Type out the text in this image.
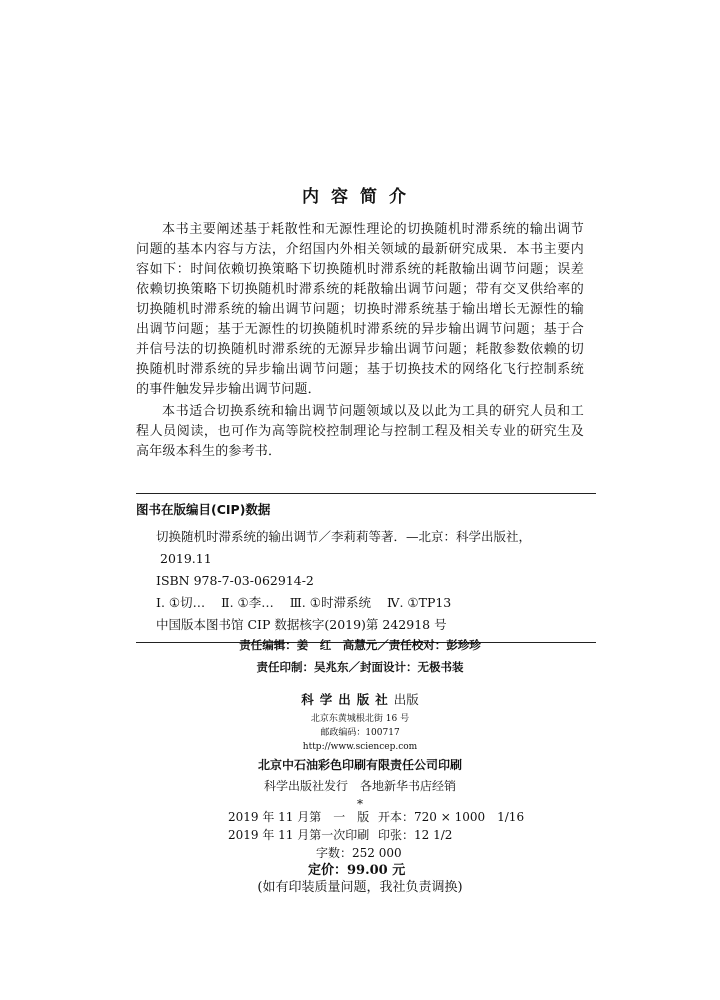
内容简介

本书主要阐述基于耗散性和无源性理论的切换随机时滞系统的输出调节问题的基本内容与方法，介绍国内外相关领域的最新研究成果．本书主要内容如下：时间依赖切换策略下切换随机时滞系统的耗散输出调节问题；误差依赖切换策略下切换随机时滞系统的耗散输出调节问题；带有交叉供给率的切换随机时滞系统的输出调节问题；切换时滞系统基于输出增长无源性的输出调节问题；基于无源性的切换随机时滞系统的异步输出调节问题；基于合并信号法的切换随机时滞系统的无源异步输出调节问题；耗散参数依赖的切换随机时滞系统的异步输出调节问题；基于切换技术的网络化飞行控制系统的事件触发异步输出调节问题．

本书适合切换系统和输出调节问题领域以及以此为工具的研究人员和工程人员阅读，也可作为高等院校控制理论与控制工程及相关专业的研究生及高年级本科生的参考书．

图书在版编目(CIP)数据
切换随机时滞系统的输出调节／李莉莉等著．—北京：科学出版社，
2019.11
ISBN 978-7-03-062914-2
Ⅰ. ①切… Ⅱ. ①李… Ⅲ. ①时滞系统 Ⅳ. ①TP13
中国版本图书馆 CIP 数据核字(2019)第 242918 号
责任编辑：姜　红　高慧元／责任校对：彭珍珍
责任印制：吴兆东／封面设计：无极书装
科学出版社出版
北京东黄城根北街 16 号
邮政编码：100717
http://www.sciencep.com
北京中石油彩色印刷有限责任公司印刷
科学出版社发行　各地新华书店经销
*
2019 年 11 月第　一　版 开本：720 × 1000　1/16
2019 年 11 月第一次印刷 印张：12 1/2
字数：252 000
定价：99.00 元
(如有印装质量问题，我社负责调换)
